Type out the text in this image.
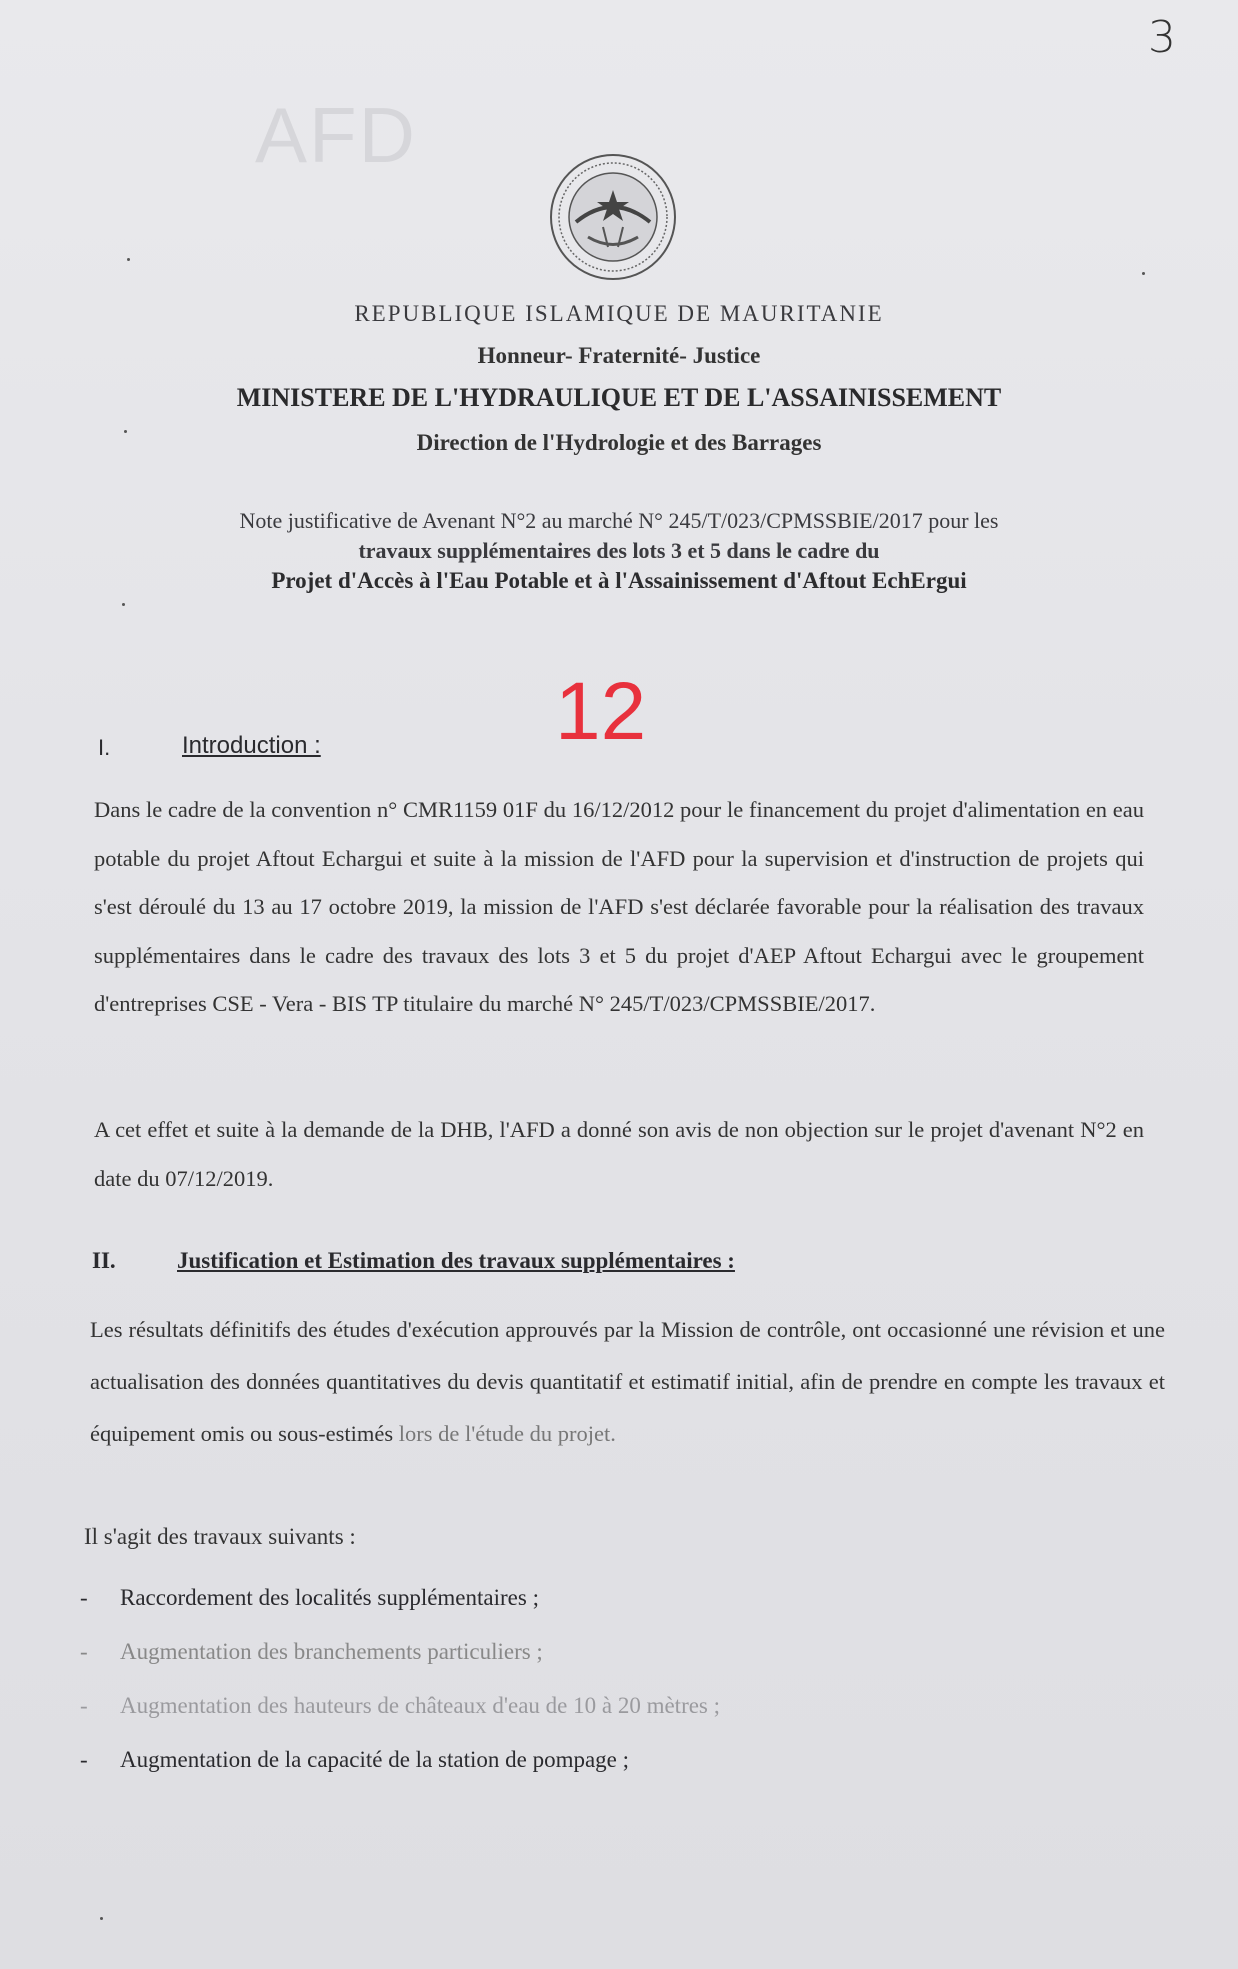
3
AFD
REPUBLIQUE ISLAMIQUE DE MAURITANIE
Honneur- Fraternité- Justice
MINISTERE DE L'HYDRAULIQUE ET DE L'ASSAINISSEMENT
Direction de l'Hydrologie et des Barrages
Note justificative de Avenant N°2 au marché N° 245/T/023/CPMSSBIE/2017 pour les
travaux supplémentaires des lots 3 et 5 dans le cadre du
Projet d'Accès à l'Eau Potable et à l'Assainissement d'Aftout EchErgui
12
I.	Introduction :
Dans le cadre de la convention n° CMR1159 01F du 16/12/2012 pour le financement du projet d'alimentation en eau potable du projet Aftout Echargui et suite à la mission de l'AFD pour la supervision et d'instruction de projets qui s'est déroulé du 13 au 17 octobre 2019, la mission de l'AFD s'est déclarée favorable pour la réalisation des travaux supplémentaires dans le cadre des travaux des lots 3 et 5 du projet d'AEP Aftout Echargui avec le groupement d'entreprises CSE - Vera - BIS TP titulaire du marché N° 245/T/023/CPMSSBIE/2017.
A cet effet et suite à la demande de la DHB, l'AFD a donné son avis de non objection sur le projet d'avenant N°2 en date du 07/12/2019.
II.	Justification et Estimation des travaux supplémentaires :
Les résultats définitifs des études d'exécution approuvés par la Mission de contrôle, ont occasionné une révision et une actualisation des données quantitatives du devis quantitatif et estimatif initial, afin de prendre en compte les travaux et équipement omis ou sous-estimés lors de l'étude du projet.
Il s'agit des travaux suivants :
-	Raccordement des localités supplémentaires ;
-	Augmentation des branchements particuliers ;
-	Augmentation des hauteurs de châteaux d'eau de 10 à 20 mètres ;
-	Augmentation de la capacité de la station de pompage ;
